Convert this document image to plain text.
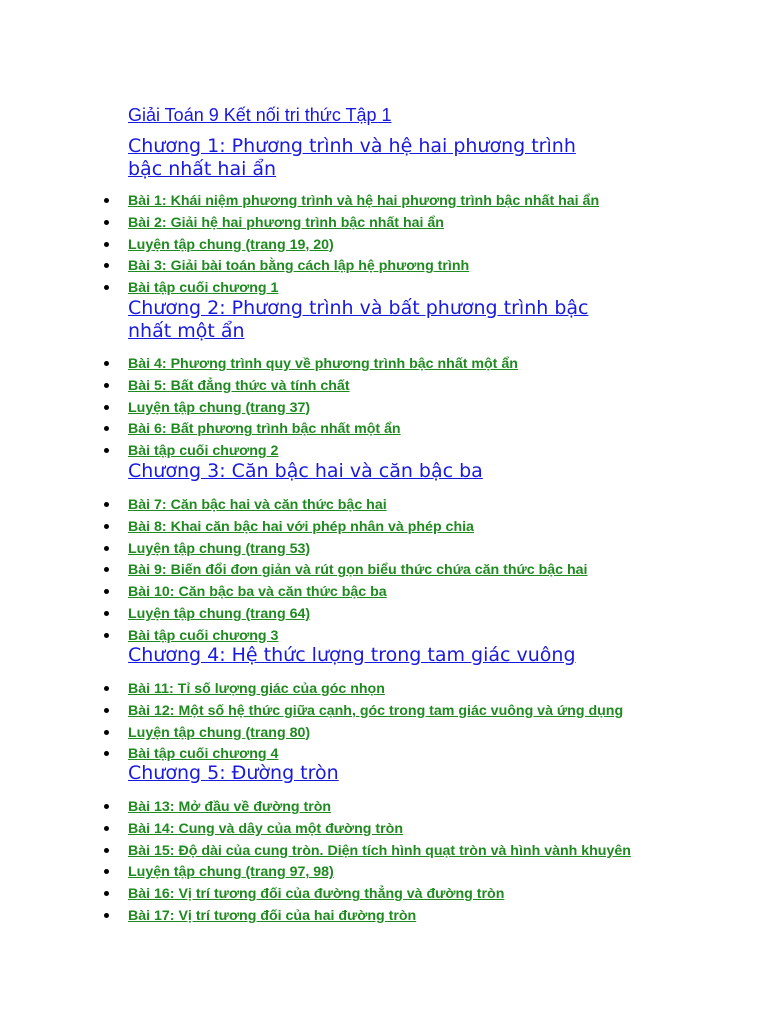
Giải Toán 9 Kết nối tri thức Tập 1
Chương 1: Phương trình và hệ hai phương trình
bậc nhất hai ẩn
Bài 1: Khái niệm phương trình và hệ hai phương trình bậc nhất hai ẩn
Bài 2: Giải hệ hai phương trình bậc nhất hai ẩn
Luyện tập chung (trang 19, 20)
Bài 3: Giải bài toán bằng cách lập hệ phương trình
Bài tập cuối chương 1
Chương 2: Phương trình và bất phương trình bậc
nhất một ẩn
Bài 4: Phương trình quy về phương trình bậc nhất một ẩn
Bài 5: Bất đẳng thức và tính chất
Luyện tập chung (trang 37)
Bài 6: Bất phương trình bậc nhất một ẩn
Bài tập cuối chương 2
Chương 3: Căn bậc hai và căn bậc ba
Bài 7: Căn bậc hai và căn thức bậc hai
Bài 8: Khai căn bậc hai với phép nhân và phép chia
Luyện tập chung (trang 53)
Bài 9: Biến đổi đơn giản và rút gọn biểu thức chứa căn thức bậc hai
Bài 10: Căn bậc ba và căn thức bậc ba
Luyện tập chung (trang 64)
Bài tập cuối chương 3
Chương 4: Hệ thức lượng trong tam giác vuông
Bài 11: Tỉ số lượng giác của góc nhọn
Bài 12: Một số hệ thức giữa cạnh, góc trong tam giác vuông và ứng dụng
Luyện tập chung (trang 80)
Bài tập cuối chương 4
Chương 5: Đường tròn
Bài 13: Mở đầu về đường tròn
Bài 14: Cung và dây của một đường tròn
Bài 15: Độ dài của cung tròn. Diện tích hình quạt tròn và hình vành khuyên
Luyện tập chung (trang 97, 98)
Bài 16: Vị trí tương đối của đường thẳng và đường tròn
Bài 17: Vị trí tương đối của hai đường tròn
